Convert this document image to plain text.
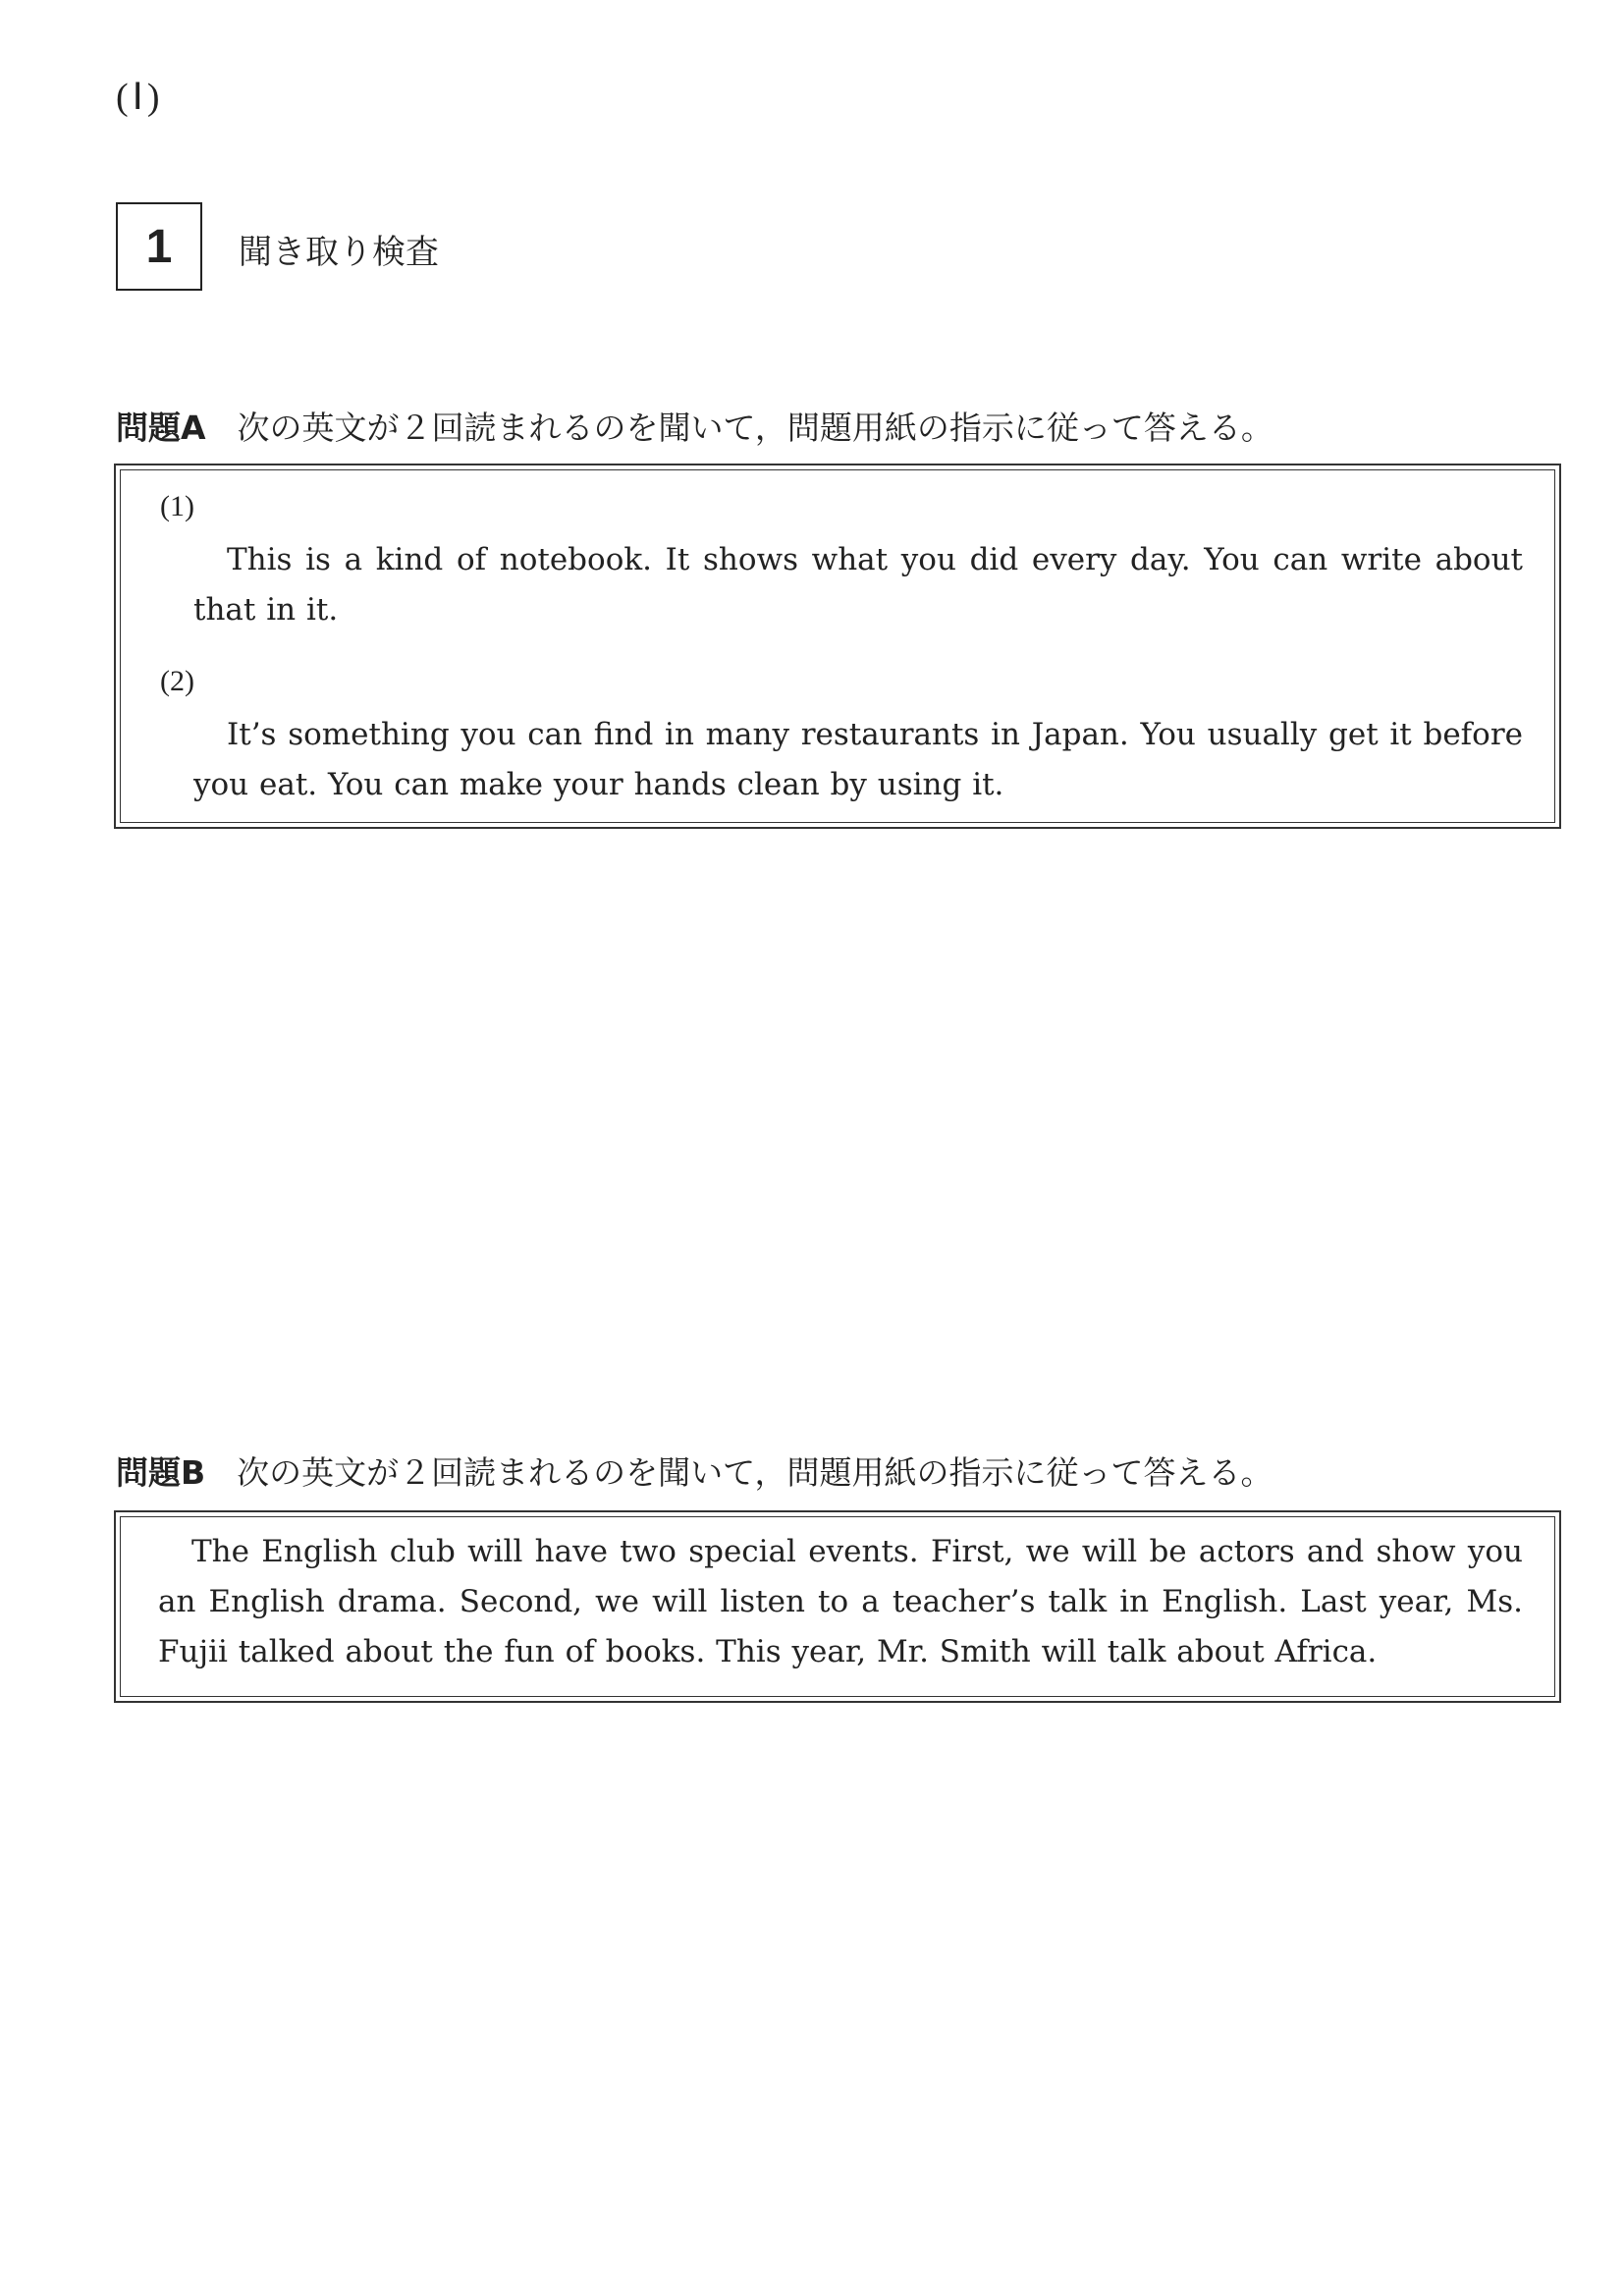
(Ⅰ)
1 聞き取り検査
問題A 次の英文が２回読まれるのを聞いて，問題用紙の指示に従って答える。
(1)
This is a kind of notebook. It shows what you did every day. You can write about that in it.
(2)
It’s something you can find in many restaurants in Japan. You usually get it before you eat. You can make your hands clean by using it.
問題B 次の英文が２回読まれるのを聞いて，問題用紙の指示に従って答える。
The English club will have two special events. First, we will be actors and show you an English drama. Second, we will listen to a teacher’s talk in English. Last year, Ms. Fujii talked about the fun of books. This year, Mr. Smith will talk about Africa.
